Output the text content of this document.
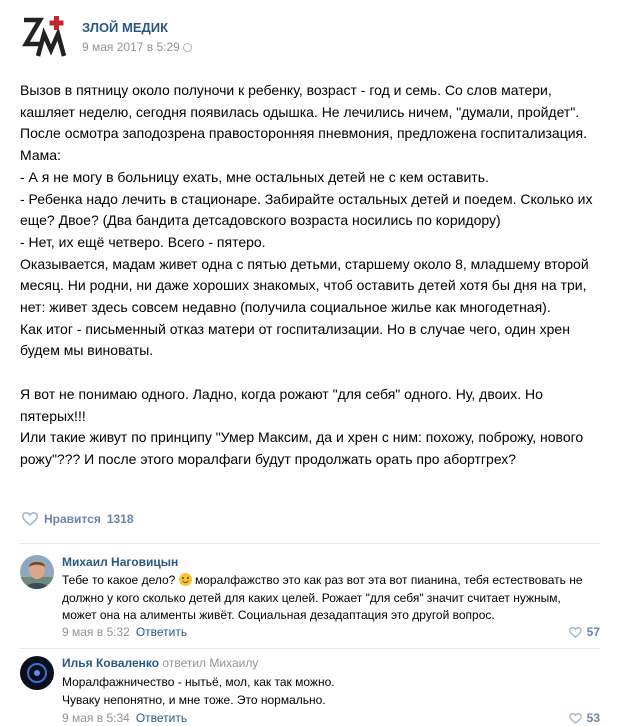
ЗЛОЙ МЕДИК
9 мая 2017 в 5:29

Вызов в пятницу около полуночи к ребенку, возраст - год и семь. Со слов матери, кашляет неделю, сегодня появилась одышка. Не лечились ничем, "думали, пройдет".

После осмотра заподозрена правосторонняя пневмония, предложена госпитализация. Мама:

- А я не могу в больницу ехать, мне остальных детей не с кем оставить.

- Ребенка надо лечить в стационаре. Забирайте остальных детей и поедем. Сколько их еще? Двое? (Два бандита детсадовского возраста носились по коридору)

- Нет, их ещё четверо. Всего - пятеро.

Оказывается, мадам живет одна с пятью детьми, старшему около 8, младшему второй месяц. Ни родни, ни даже хороших знакомых, чтоб оставить детей хотя бы дня на три, нет: живет здесь совсем недавно (получила социальное жилье как многодетная).

Как итог - письменный отказ матери от госпитализации. Но в случае чего, один хрен будем мы виноваты.

Я вот не понимаю одного. Ладно, когда рожают "для себя" одного. Ну, двоих. Но пятерых!!!

Или такие живут по принципу "Умер Максим, да и хрен с ним: похожу, поброжу, нового рожу"??? И после этого моралфаги будут продолжать орать про абортгрех?

Нравится 1318
Михаил Наговицын
Тебе то какое дело?  моралфажство это как раз вот эта вот пианина, тебя естествовать не должно у кого сколько детей для каких целей. Рожает "для себя" значит считает нужным, может она на алименты живёт. Социальная дезадаптация это другой вопрос.
9 мая в 5:32 Ответить	57
Илья Коваленко ответил Михаилу
Моралфажничество - нытьё, мол, как так можно.
Чуваку непонятно, и мне тоже. Это нормально.
9 мая в 5:34 Ответить	53
